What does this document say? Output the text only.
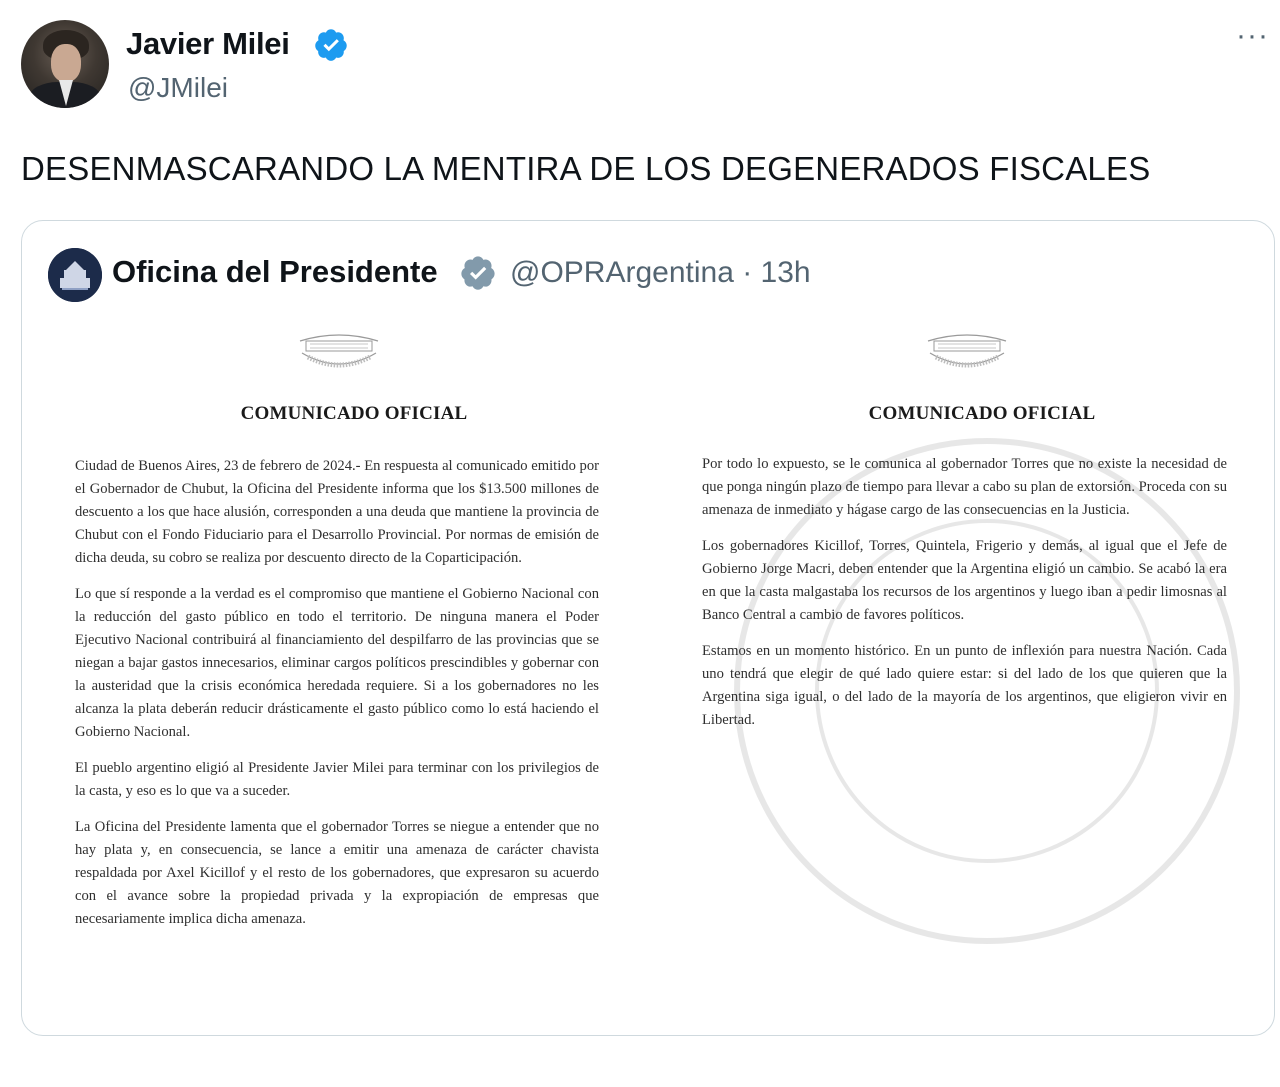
Javier Milei
@JMilei
···
DESENMASCARANDO LA MENTIRA DE LOS DEGENERADOS FISCALES
Oficina del Presidente @OPRArgentina · 13h
COMUNICADO OFICIAL

Ciudad de Buenos Aires, 23 de febrero de 2024.- En respuesta al comunicado emitido por el Gobernador de Chubut, la Oficina del Presidente informa que los $13.500 millones de descuento a los que hace alusión, corresponden a una deuda que mantiene la provincia de Chubut con el Fondo Fiduciario para el Desarrollo Provincial. Por normas de emisión de dicha deuda, su cobro se realiza por descuento directo de la Coparticipación.

Lo que sí responde a la verdad es el compromiso que mantiene el Gobierno Nacional con la reducción del gasto público en todo el territorio. De ninguna manera el Poder Ejecutivo Nacional contribuirá al financiamiento del despilfarro de las provincias que se niegan a bajar gastos innecesarios, eliminar cargos políticos prescindibles y gobernar con la austeridad que la crisis económica heredada requiere. Si a los gobernadores no les alcanza la plata deberán reducir drásticamente el gasto público como lo está haciendo el Gobierno Nacional.

El pueblo argentino eligió al Presidente Javier Milei para terminar con los privilegios de la casta, y eso es lo que va a suceder.

La Oficina del Presidente lamenta que el gobernador Torres se niegue a entender que no hay plata y, en consecuencia, se lance a emitir una amenaza de carácter chavista respaldada por Axel Kicillof y el resto de los gobernadores, que expresaron su acuerdo con el avance sobre la propiedad privada y la expropiación de empresas que necesariamente implica dicha amenaza.

COMUNICADO OFICIAL

Por todo lo expuesto, se le comunica al gobernador Torres que no existe la necesidad de que ponga ningún plazo de tiempo para llevar a cabo su plan de extorsión. Proceda con su amenaza de inmediato y hágase cargo de las consecuencias en la Justicia.

Los gobernadores Kicillof, Torres, Quintela, Frigerio y demás, al igual que el Jefe de Gobierno Jorge Macri, deben entender que la Argentina eligió un cambio. Se acabó la era en que la casta malgastaba los recursos de los argentinos y luego iban a pedir limosnas al Banco Central a cambio de favores políticos.

Estamos en un momento histórico. En un punto de inflexión para nuestra Nación. Cada uno tendrá que elegir de qué lado quiere estar: si del lado de los que quieren que la Argentina siga igual, o del lado de la mayoría de los argentinos, que eligieron vivir en Libertad.
